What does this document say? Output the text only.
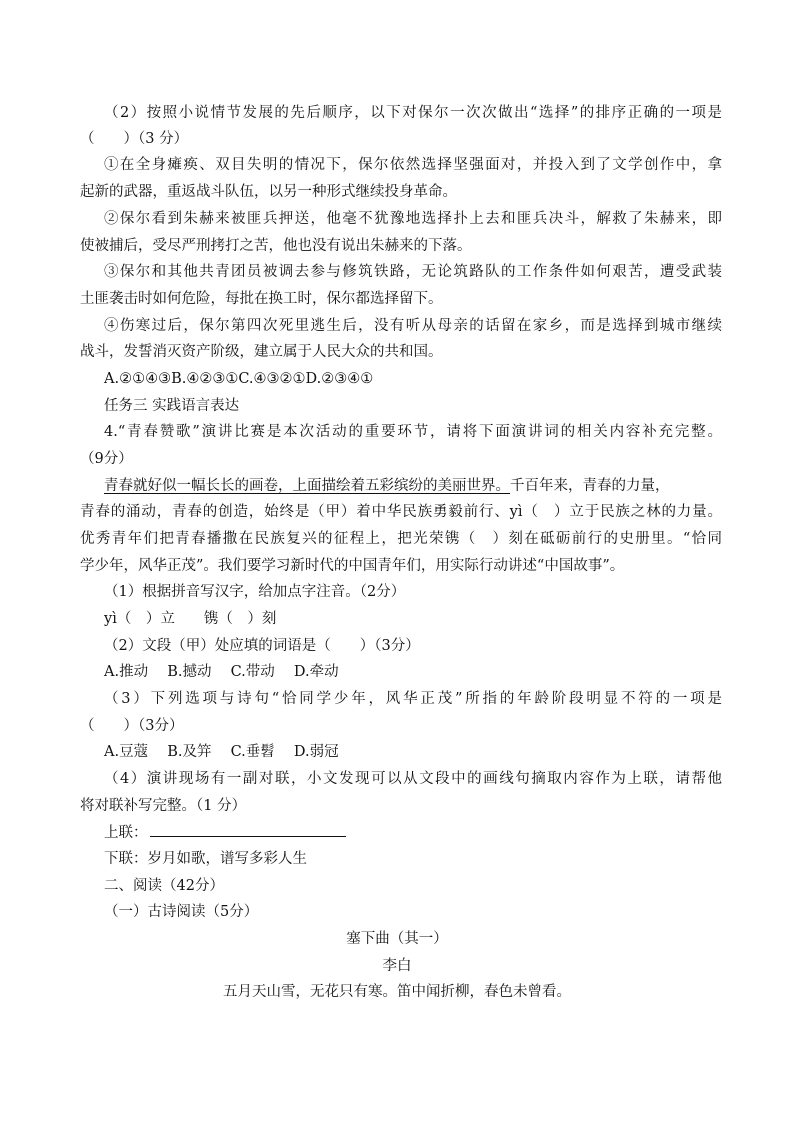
（2）按照小说情节发展的先后顺序，以下对保尔一次次做出“选择”的排序正确的一项是
（　　）（3 分）
①在全身瘫痪、双目失明的情况下，保尔依然选择坚强面对，并投入到了文学创作中，拿
起新的武器，重返战斗队伍，以另一种形式继续投身革命。
②保尔看到朱赫来被匪兵押送，他毫不犹豫地选择扑上去和匪兵决斗，解救了朱赫来，即
使被捕后，受尽严刑拷打之苦，他也没有说出朱赫来的下落。
③保尔和其他共青团员被调去参与修筑铁路，无论筑路队的工作条件如何艰苦，遭受武装
土匪袭击时如何危险，每批在换工时，保尔都选择留下。
④伤寒过后，保尔第四次死里逃生后，没有听从母亲的话留在家乡，而是选择到城市继续
战斗，发誓消灭资产阶级，建立属于人民大众的共和国。
A.②①④③B.④②③①C.④③②①D.②③④①
任务三 实践语言表达
4.“青春赞歌”演讲比赛是本次活动的重要环节，请将下面演讲词的相关内容补充完整。
（9分）
青春就好似一幅长长的画卷，上面描绘着五彩缤纷的美丽世界。千百年来，青春的力量，
青春的涌动，青春的创造，始终是（甲）着中华民族勇毅前行、yì（　）立于民族之林的力量。
优秀青年们把青春播撒在民族复兴的征程上，把光荣镌（　）刻在砥砺前行的史册里。“恰同
学少年，风华正茂”。我们要学习新时代的中国青年们，用实际行动讲述“中国故事”。
（1）根据拼音写汉字，给加点字注音。（2分）
yì（　）立　　镌（　）刻
（2）文段（甲）处应填的词语是（　　）（3分）
A.推动　 B.撼动　 C.带动　 D.牵动
（3）下列选项与诗句“恰同学少年，风华正茂”所指的年龄阶段明显不符的一项是
（　　）（3分）
A.豆蔻　 B.及笄　 C.垂髫　 D.弱冠
（4）演讲现场有一副对联，小文发现可以从文段中的画线句摘取内容作为上联，请帮他
将对联补写完整。（1 分）
上联：
下联：岁月如歌，谱写多彩人生
二、阅读（42分）
（一）古诗阅读（5分）
塞下曲（其一）
李白
五月天山雪，无花只有寒。笛中闻折柳，春色未曾看。
